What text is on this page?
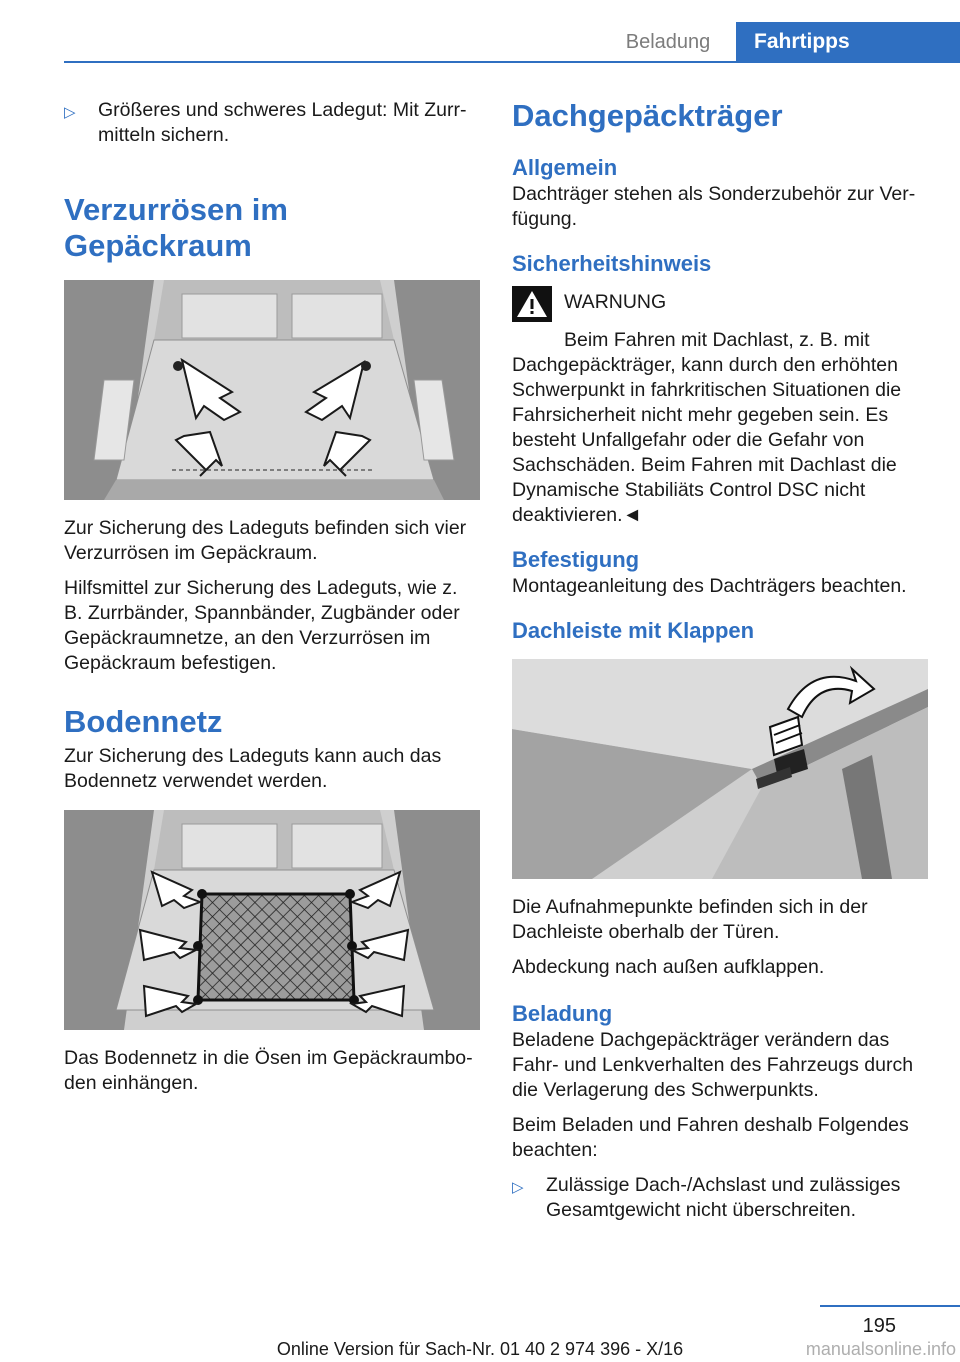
Beladung	Fahrtipps
▷	Größeres und schweres Ladegut: Mit Zurrmitteln sichern.
Verzurrösen im Gepäckraum

Zur Sicherung des Ladeguts befinden sich vier Verzurrösen im Gepäckraum.

Hilfsmittel zur Sicherung des Ladeguts, wie z. B. Zurrbänder, Spannbänder, Zugbänder oder Gepäckraumnetze, an den Verzurrösen im Gepäckraum befestigen.

Bodennetz

Zur Sicherung des Ladeguts kann auch das Bodennetz verwendet werden.

Das Bodennetz in die Ösen im Gepäckraumboden einhängen.

Dachgepäckträger
Allgemein

Dachträger stehen als Sonderzubehör zur Verfügung.

Sicherheitshinweis
WARNUNG

Beim Fahren mit Dachlast, z. B. mit Dachgepäckträger, kann durch den erhöhten Schwerpunkt in fahrkritischen Situationen die Fahrsicherheit nicht mehr gegeben sein. Es besteht Unfallgefahr oder die Gefahr von Sachschäden. Beim Fahren mit Dachlast die Dynamische Stabiliäts Control DSC nicht deaktivieren.◄

Befestigung

Montageanleitung des Dachträgers beachten.

Dachleiste mit Klappen

Die Aufnahmepunkte befinden sich in der Dachleiste oberhalb der Türen.

Abdeckung nach außen aufklappen.

Beladung

Beladene Dachgepäckträger verändern das Fahr- und Lenkverhalten des Fahrzeugs durch die Verlagerung des Schwerpunkts.

Beim Beladen und Fahren deshalb Folgendes beachten:

▷	Zulässige Dach-/Achslast und zulässiges Gesamtgewicht nicht überschreiten.
195
Online Version für Sach-Nr. 01 40 2 974 396 - X/16	manualsonline.info
